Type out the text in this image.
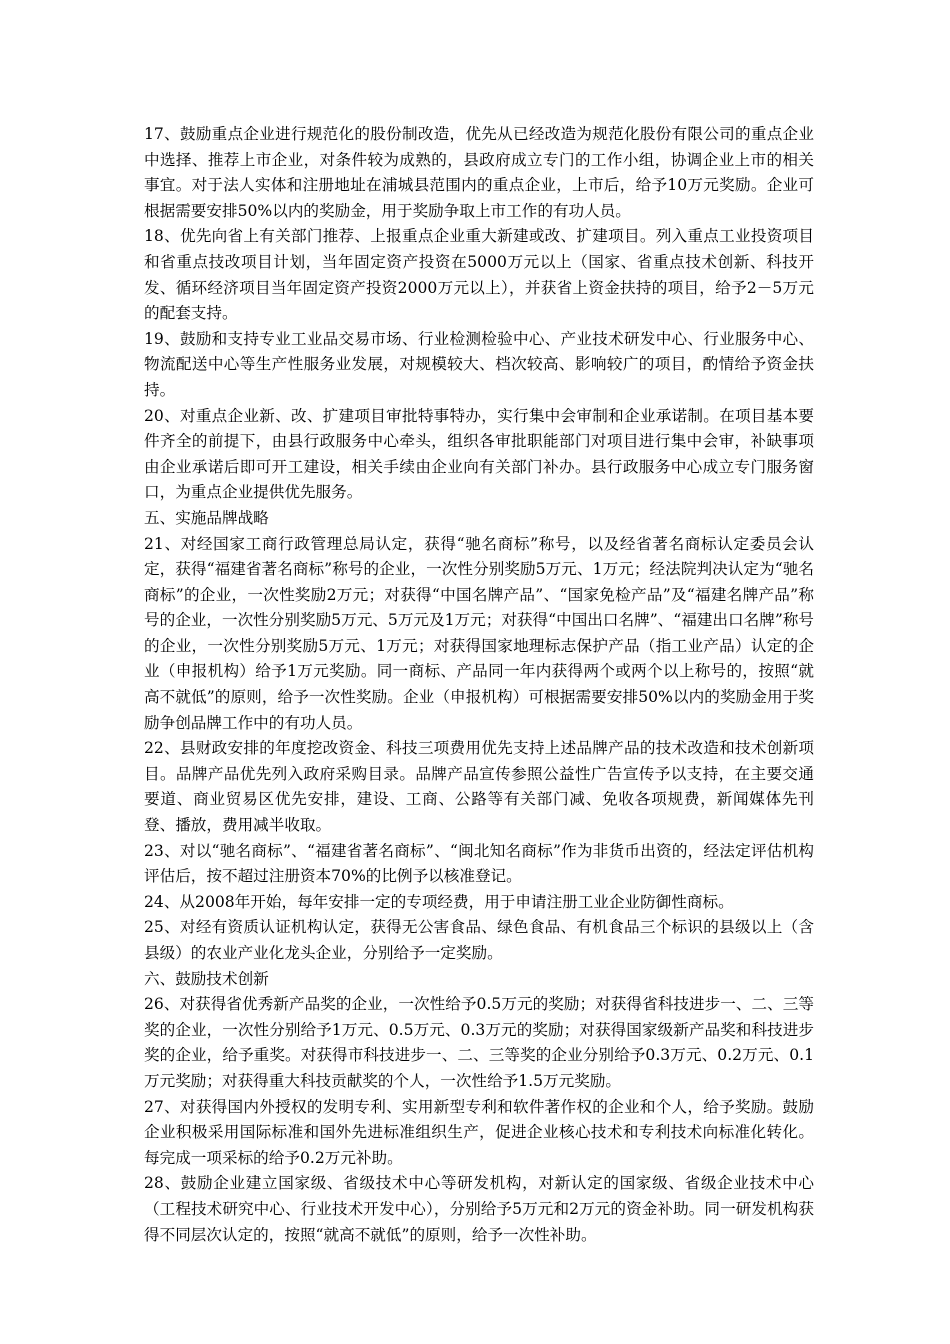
17、鼓励重点企业进行规范化的股份制改造，优先从已经改造为规范化股份有限公司的重点企业中选择、推荐上市企业，对条件较为成熟的，县政府成立专门的工作小组，协调企业上市的相关事宜。对于法人实体和注册地址在浦城县范围内的重点企业，上市后，给予10万元奖励。企业可根据需要安排50%以内的奖励金，用于奖励争取上市工作的有功人员。

18、优先向省上有关部门推荐、上报重点企业重大新建或改、扩建项目。列入重点工业投资项目和省重点技改项目计划，当年固定资产投资在5000万元以上（国家、省重点技术创新、科技开发、循环经济项目当年固定资产投资2000万元以上），并获省上资金扶持的项目，给予2－5万元的配套支持。

19、鼓励和支持专业工业品交易市场、行业检测检验中心、产业技术研发中心、行业服务中心、物流配送中心等生产性服务业发展，对规模较大、档次较高、影响较广的项目，酌情给予资金扶持。

20、对重点企业新、改、扩建项目审批特事特办，实行集中会审制和企业承诺制。在项目基本要件齐全的前提下，由县行政服务中心牵头，组织各审批职能部门对项目进行集中会审，补缺事项由企业承诺后即可开工建设，相关手续由企业向有关部门补办。县行政服务中心成立专门服务窗口，为重点企业提供优先服务。

五、实施品牌战略

21、对经国家工商行政管理总局认定，获得“驰名商标”称号，以及经省著名商标认定委员会认定，获得“福建省著名商标”称号的企业，一次性分别奖励5万元、1万元；经法院判决认定为“驰名商标”的企业，一次性奖励2万元；对获得“中国名牌产品”、“国家免检产品”及“福建名牌产品”称号的企业，一次性分别奖励5万元、5万元及1万元；对获得“中国出口名牌”、“福建出口名牌”称号的企业，一次性分别奖励5万元、1万元；对获得国家地理标志保护产品（指工业产品）认定的企业（申报机构）给予1万元奖励。同一商标、产品同一年内获得两个或两个以上称号的，按照“就高不就低”的原则，给予一次性奖励。企业（申报机构）可根据需要安排50%以内的奖励金用于奖励争创品牌工作中的有功人员。

22、县财政安排的年度挖改资金、科技三项费用优先支持上述品牌产品的技术改造和技术创新项目。品牌产品优先列入政府采购目录。品牌产品宣传参照公益性广告宣传予以支持，在主要交通要道、商业贸易区优先安排，建设、工商、公路等有关部门减、免收各项规费，新闻媒体先刊登、播放，费用减半收取。

23、对以“驰名商标”、“福建省著名商标”、“闽北知名商标”作为非货币出资的，经法定评估机构评估后，按不超过注册资本70%的比例予以核准登记。

24、从2008年开始，每年安排一定的专项经费，用于申请注册工业企业防御性商标。

25、对经有资质认证机构认定，获得无公害食品、绿色食品、有机食品三个标识的县级以上（含县级）的农业产业化龙头企业，分别给予一定奖励。

六、鼓励技术创新

26、对获得省优秀新产品奖的企业，一次性给予0.5万元的奖励；对获得省科技进步一、二、三等奖的企业，一次性分别给予1万元、0.5万元、0.3万元的奖励；对获得国家级新产品奖和科技进步奖的企业，给予重奖。对获得市科技进步一、二、三等奖的企业分别给予0.3万元、0.2万元、0.1万元奖励；对获得重大科技贡献奖的个人，一次性给予1.5万元奖励。

27、对获得国内外授权的发明专利、实用新型专利和软件著作权的企业和个人，给予奖励。鼓励企业积极采用国际标准和国外先进标准组织生产，促进企业核心技术和专利技术向标准化转化。每完成一项采标的给予0.2万元补助。

28、鼓励企业建立国家级、省级技术中心等研发机构，对新认定的国家级、省级企业技术中心（工程技术研究中心、行业技术开发中心），分别给予5万元和2万元的资金补助。同一研发机构获得不同层次认定的，按照“就高不就低”的原则，给予一次性补助。
